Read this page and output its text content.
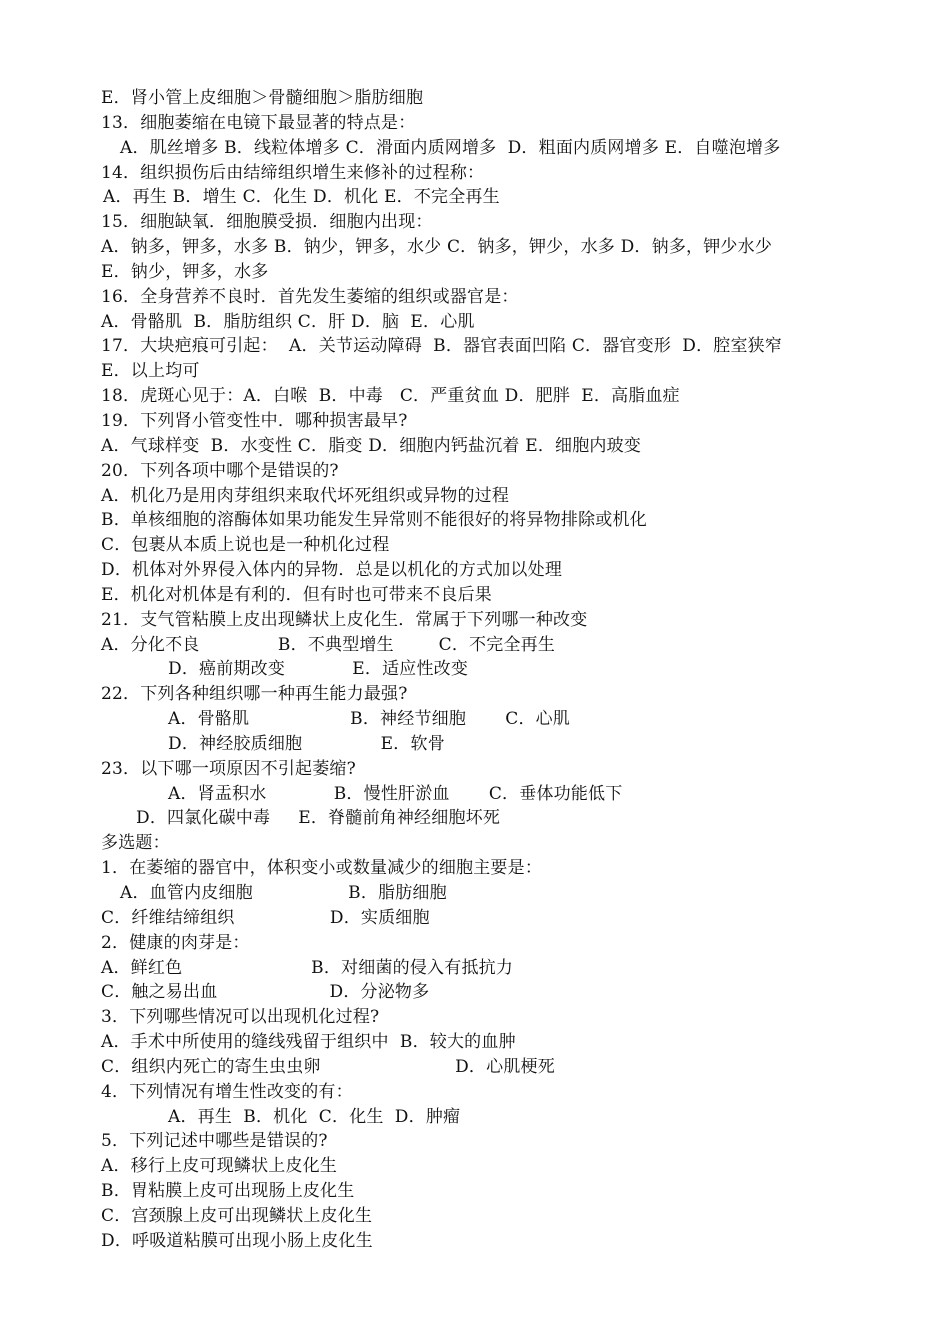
E．肾小管上皮细胞＞骨髓细胞＞脂肪细胞
13．细胞萎缩在电镜下最显著的特点是：
A．肌丝增多 B．线粒体增多 C．滑面内质网增多  D．粗面内质网增多 E．自噬泡增多
14．组织损伤后由结缔组织增生来修补的过程称：
A．再生 B．增生 C．化生 D．机化 E．不完全再生
15．细胞缺氧．细胞膜受损．细胞内出现：
A．钠多，钾多，水多 B．钠少，钾多，水少 C．钠多，钾少，水多 D．钠多，钾少水少
E．钠少，钾多，水多
16．全身营养不良时．首先发生萎缩的组织或器官是：
A．骨骼肌  B．脂肪组织 C．肝 D．脑  E．心肌
17．大块疤痕可引起：  A．关节运动障碍  B．器官表面凹陷 C．器官变形  D．腔室狭窄
E．以上均可
18．虎斑心见于：A．白喉  B．中毒   C．严重贫血 D．肥胖  E．高脂血症
19．下列肾小管变性中．哪种损害最早?
A．气球样变  B．水变性 C．脂变 D．细胞内钙盐沉着 E．细胞内玻变
20．下列各项中哪个是错误的?
A．机化乃是用肉芽组织来取代坏死组织或异物的过程
B．单核细胞的溶酶体如果功能发生异常则不能很好的将异物排除或机化
C．包裹从本质上说也是一种机化过程
D．机体对外界侵入体内的异物．总是以机化的方式加以处理
E．机化对机体是有利的．但有时也可带来不良后果
21．支气管粘膜上皮出现鳞状上皮化生．常属于下列哪一种改变
A．分化不良              B．不典型增生        C．不完全再生
D．癌前期改变            E．适应性改变
22．下列各种组织哪一种再生能力最强?
A．骨骼肌                  B．神经节细胞       C．心肌
D．神经胶质细胞              E．软骨
23．以下哪一项原因不引起萎缩?
A．肾盂积水            B．慢性肝淤血       C．垂体功能低下
D．四氯化碳中毒     E．脊髓前角神经细胞坏死
多选题：
1．在萎缩的器官中，体积变小或数量减少的细胞主要是：
A．血管内皮细胞                 B．脂肪细胞
C．纤维结缔组织                 D．实质细胞
2．健康的肉芽是：
A．鲜红色                       B．对细菌的侵入有抵抗力
C．触之易出血                    D．分泌物多
3．下列哪些情况可以出现机化过程?
A．手术中所使用的缝线残留于组织中  B．较大的血肿
C．组织内死亡的寄生虫虫卵                        D．心肌梗死
4．下列情况有增生性改变的有：
A．再生  B．机化  C．化生  D．肿瘤
5．下列记述中哪些是错误的?
A．移行上皮可现鳞状上皮化生
B．胃粘膜上皮可出现肠上皮化生
C．宫颈腺上皮可出现鳞状上皮化生
D．呼吸道粘膜可出现小肠上皮化生
